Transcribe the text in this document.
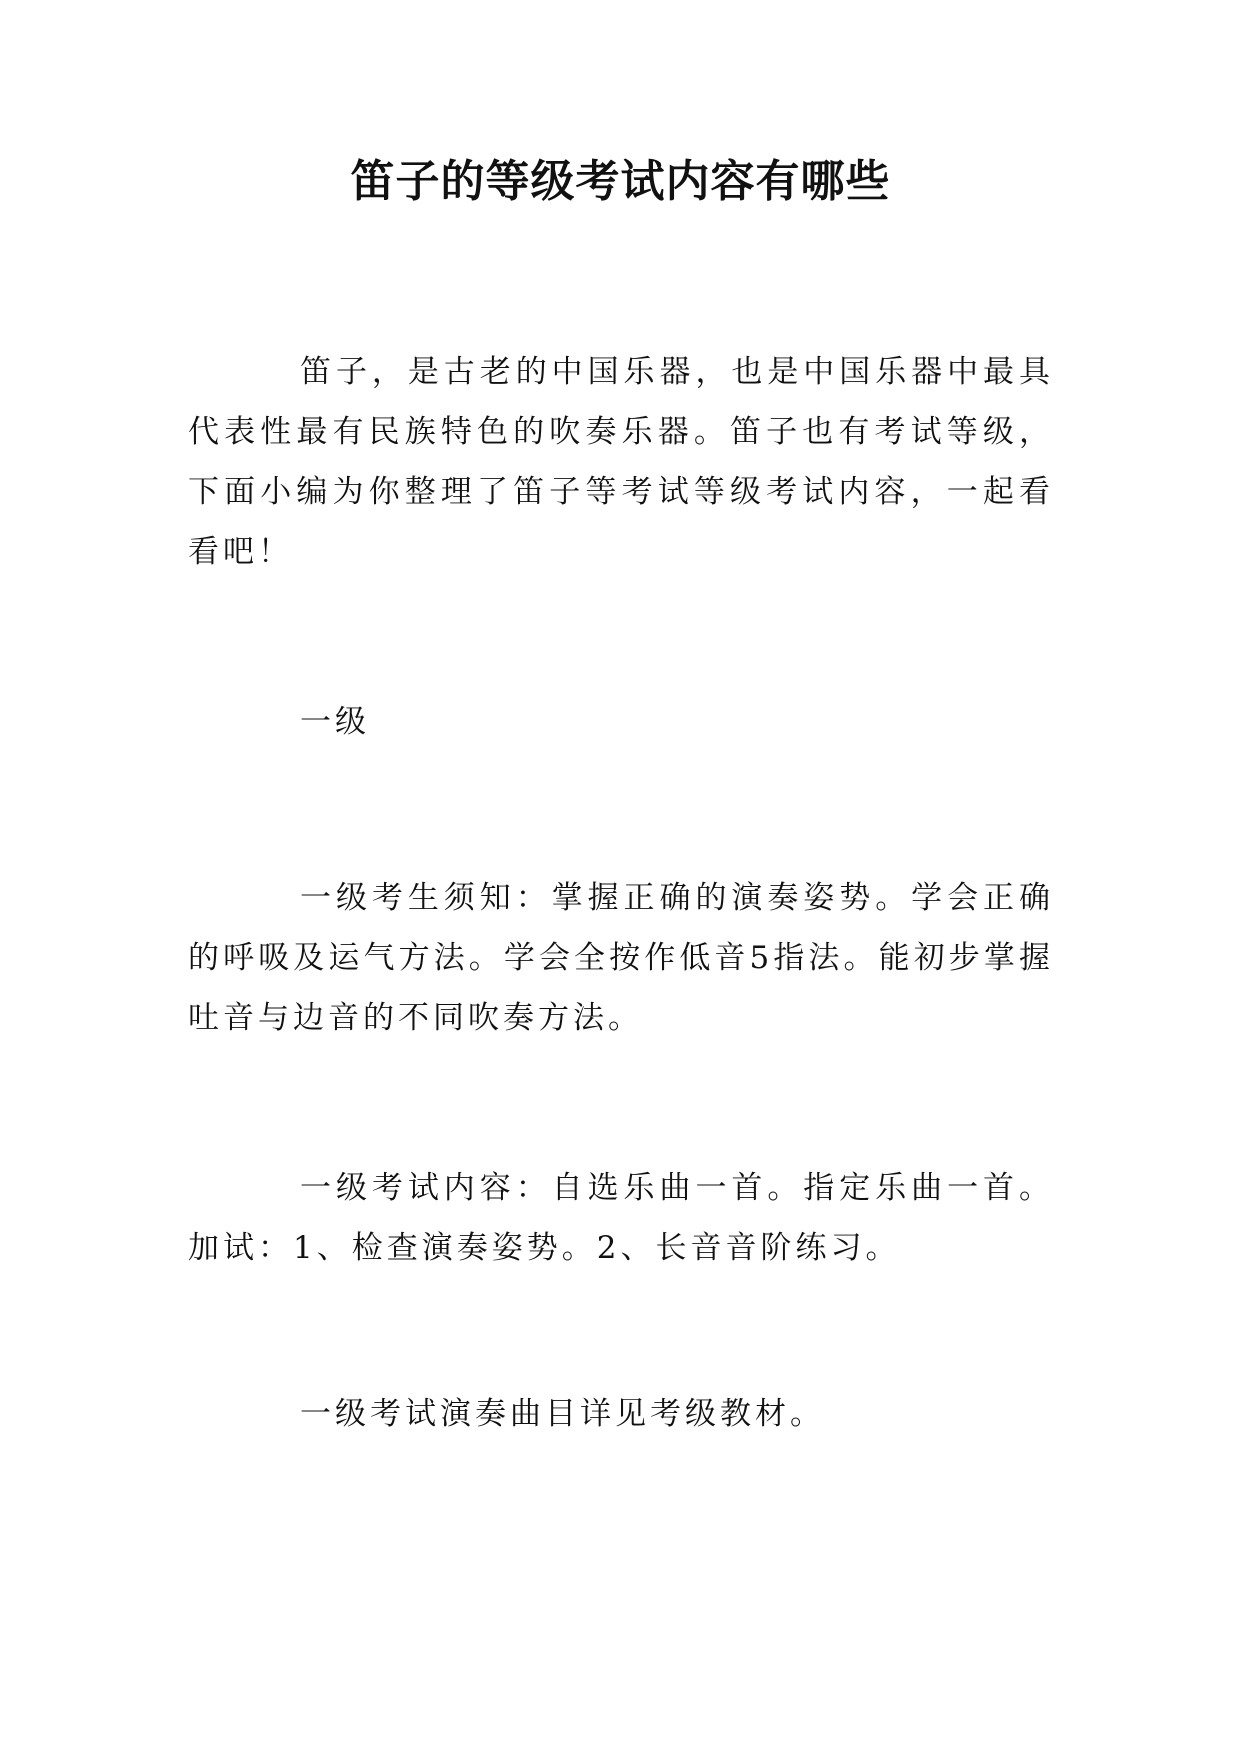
笛子的等级考试内容有哪些

笛子，是古老的中国乐器，也是中国乐器中最具代表性最有民族特色的吹奏乐器。笛子也有考试等级，下面小编为你整理了笛子等考试等级考试内容，一起看看吧！

一级

一级考生须知：掌握正确的演奏姿势。学会正确的呼吸及运气方法。学会全按作低音5指法。能初步掌握吐音与边音的不同吹奏方法。

一级考试内容：自选乐曲一首。指定乐曲一首。加试：1、检查演奏姿势。2、长音音阶练习。

一级考试演奏曲目详见考级教材。
